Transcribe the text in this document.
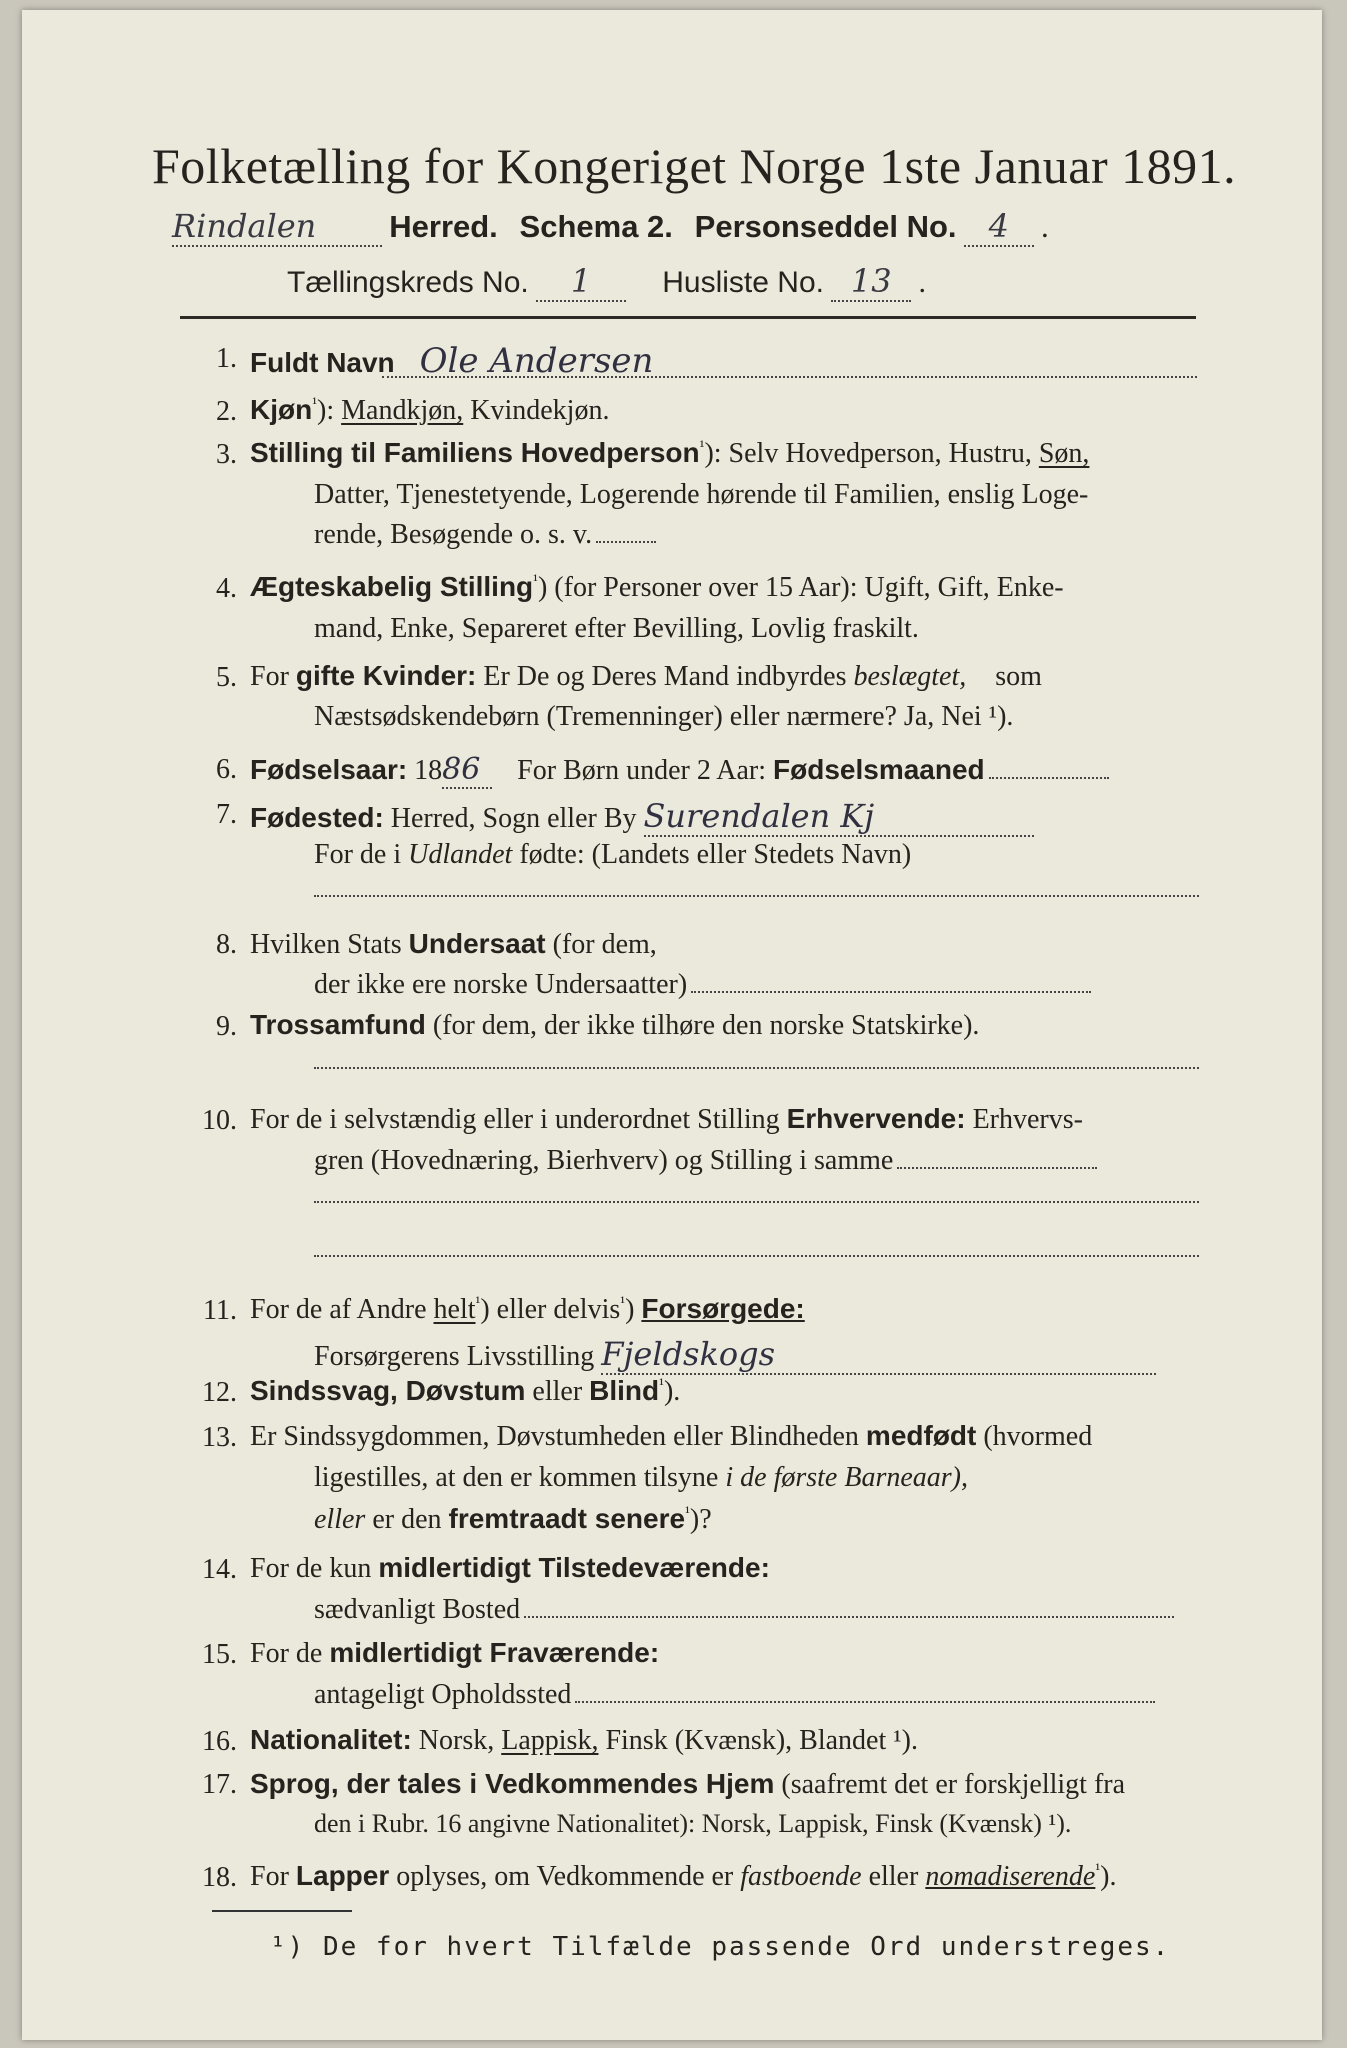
Folketælling for Kongeriget Norge 1ste Januar 1891.
Rindalen Herred. Schema 2. Personseddel No. 4 .
Tællingskreds No. 1 Husliste No. 13 .
1. Fuldt Navn Ole Andersen
2. Kjøn$^{^1}$): Mandkjøn, Kvindekjøn.
3. Stilling til Familiens Hovedperson$^{^1}$): Selv Hovedperson, Hustru, Søn,
Datter, Tjenestetyende, Logerende hørende til Familien, enslig Loge-
rende, Besøgende o. s. v.
4. Ægteskabelig Stilling$^{^1}$) (for Personer over 15 Aar): Ugift, Gift, Enke-
mand, Enke, Separeret efter Bevilling, Lovlig fraskilt.
5. For gifte Kvinder: Er De og Deres Mand indbyrdes beslægtet, som
Næstsødskendebørn (Tremenninger) eller nærmere? Ja, Nei ¹).
6. Fødselsaar: 1886 For Børn under 2 Aar: Fødselsmaaned
7. Fødested: Herred, Sogn eller By Surendalen Kj
For de i Udlandet fødte: (Landets eller Stedets Navn)
8. Hvilken Stats Undersaat (for dem,
der ikke ere norske Undersaatter)
9. Trossamfund (for dem, der ikke tilhøre den norske Statskirke).
10. For de i selvstændig eller i underordnet Stilling Erhvervende: Erhvervs-
gren (Hovednæring, Bierhverv) og Stilling i samme
11. For de af Andre helt$^{^1}$) eller delvis$^{^1}$) Forsørgede:
Forsørgerens Livsstilling Fjeldskogs
12. Sindssvag, Døvstum eller Blind$^{^1}$).
13. Er Sindssygdommen, Døvstumheden eller Blindheden medfødt (hvormed
ligestilles, at den er kommen tilsyne i de første Barneaar),
eller er den fremtraadt senere$^{^1}$)?
14. For de kun midlertidigt Tilstedeværende:
sædvanligt Bosted
15. For de midlertidigt Fraværende:
antageligt Opholdssted
16. Nationalitet: Norsk, Lappisk, Finsk (Kvænsk), Blandet ¹).
17. Sprog, der tales i Vedkommendes Hjem (saafremt det er forskjelligt fra
den i Rubr. 16 angivne Nationalitet): Norsk, Lappisk, Finsk (Kvænsk) ¹).
18. For Lapper oplyses, om Vedkommende er fastboende eller nomadiserende$^{^1}$).
¹) De for hvert Tilfælde passende Ord understreges.
